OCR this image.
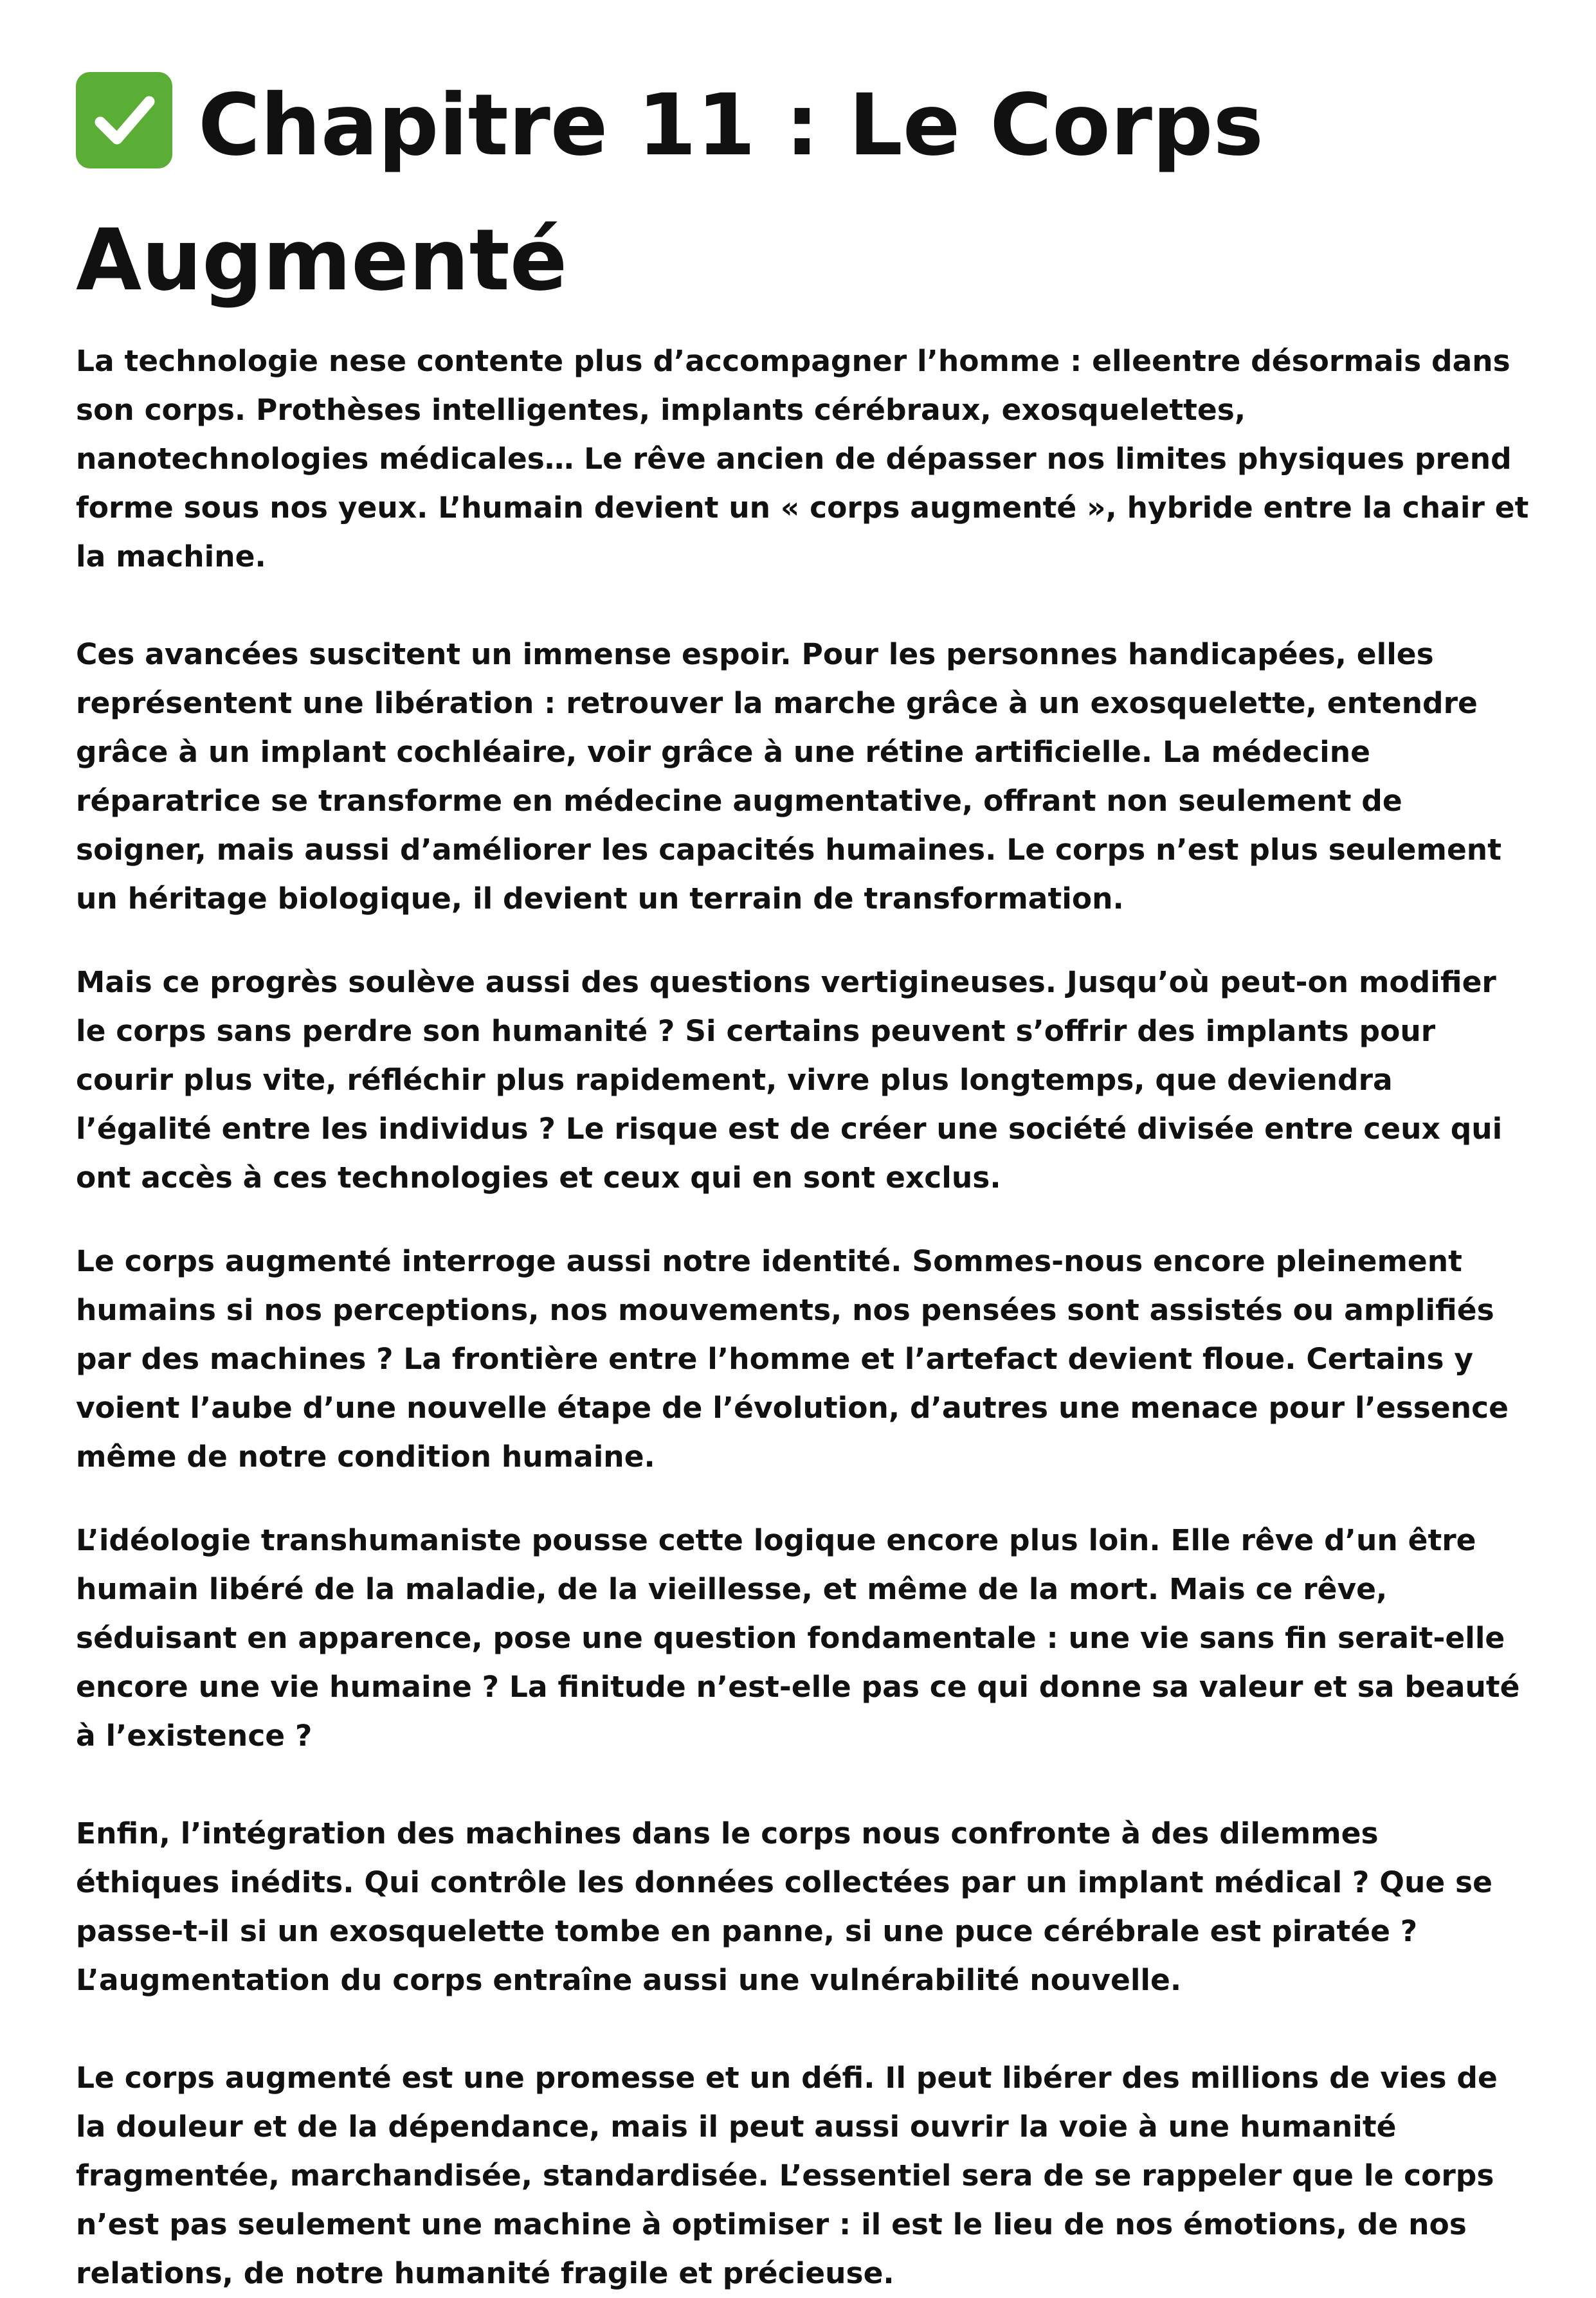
Chapitre 11 : Le Corps Augmenté

La technologie nese contente plus d’accompagner l’homme : elleentre désormais dans son corps. Prothèses intelligentes, implants cérébraux, exosquelettes, nanotechnologies médicales… Le rêve ancien de dépasser nos limites physiques prend forme sous nos yeux. L’humain devient un « corps augmenté », hybride entre la chair et la machine.

Ces avancées suscitent un immense espoir. Pour les personnes handicapées, elles représentent une libération : retrouver la marche grâce à un exosquelette, entendre grâce à un implant cochléaire, voir grâce à une rétine artificielle. La médecine réparatrice se transforme en médecine augmentative, offrant non seulement de soigner, mais aussi d’améliorer les capacités humaines. Le corps n’est plus seulement un héritage biologique, il devient un terrain de transformation.

Mais ce progrès soulève aussi des questions vertigineuses. Jusqu’où peut-on modifier le corps sans perdre son humanité ? Si certains peuvent s’offrir des implants pour courir plus vite, réfléchir plus rapidement, vivre plus longtemps, que deviendra l’égalité entre les individus ? Le risque est de créer une société divisée entre ceux qui ont accès à ces technologies et ceux qui en sont exclus.

Le corps augmenté interroge aussi notre identité. Sommes-nous encore pleinement humains si nos perceptions, nos mouvements, nos pensées sont assistés ou amplifiés par des machines ? La frontière entre l’homme et l’artefact devient floue. Certains y voient l’aube d’une nouvelle étape de l’évolution, d’autres une menace pour l’essence même de notre condition humaine.

L’idéologie transhumaniste pousse cette logique encore plus loin. Elle rêve d’un être humain libéré de la maladie, de la vieillesse, et même de la mort. Mais ce rêve, séduisant en apparence, pose une question fondamentale : une vie sans fin serait-elle encore une vie humaine ? La finitude n’est-elle pas ce qui donne sa valeur et sa beauté à l’existence ?

Enfin, l’intégration des machines dans le corps nous confronte à des dilemmes éthiques inédits. Qui contrôle les données collectées par un implant médical ? Que se passe-t-il si un exosquelette tombe en panne, si une puce cérébrale est piratée ? L’augmentation du corps entraîne aussi une vulnérabilité nouvelle.

Le corps augmenté est une promesse et un défi. Il peut libérer des millions de vies de la douleur et de la dépendance, mais il peut aussi ouvrir la voie à une humanité fragmentée, marchandisée, standardisée. L’essentiel sera de se rappeler que le corps n’est pas seulement une machine à optimiser : il est le lieu de nos émotions, de nos relations, de notre humanité fragile et précieuse.
